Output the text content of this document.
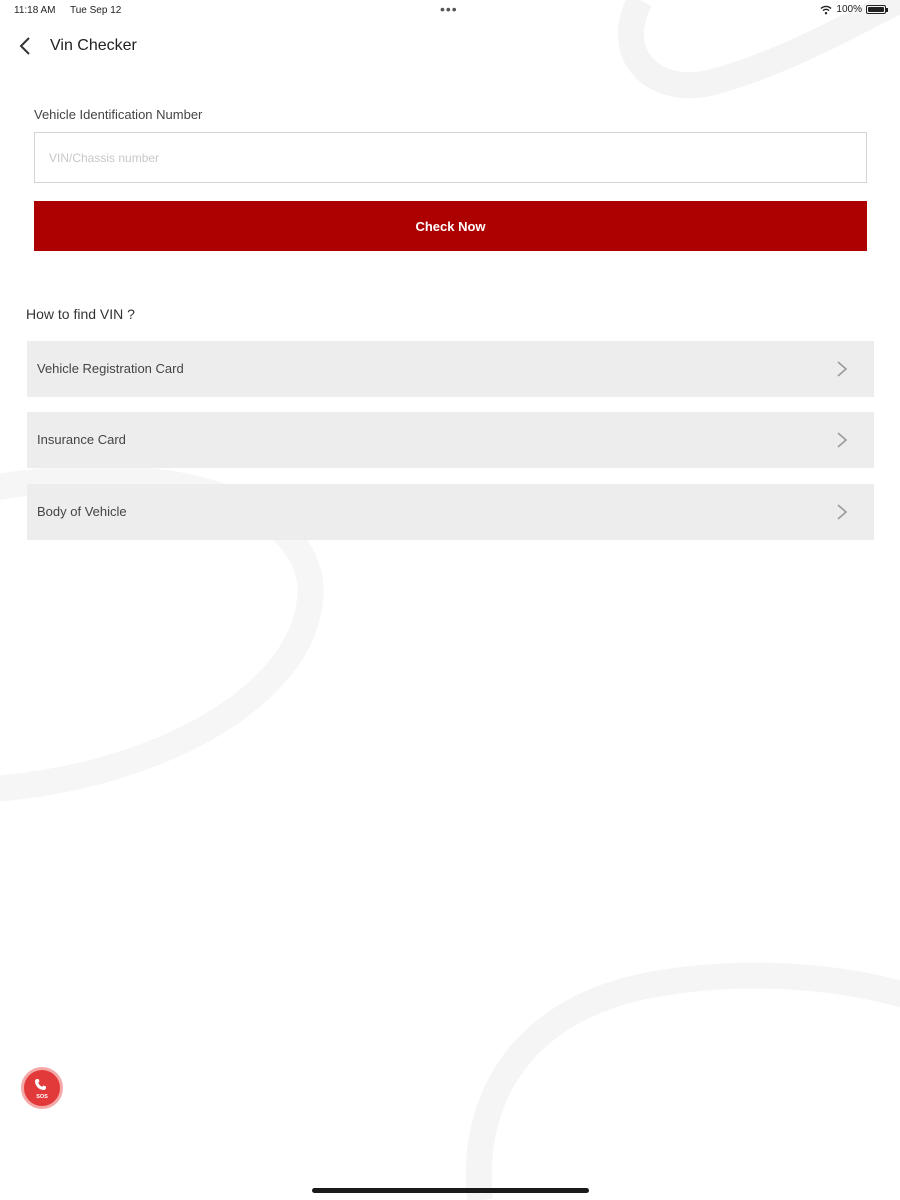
11:18 AM Tue Sep 12	•••	100%
Vin Checker
Vehicle Identification Number
VIN/Chassis number
Check Now
How to find VIN ?
Vehicle Registration Card
Insurance Card
Body of Vehicle
SOS
